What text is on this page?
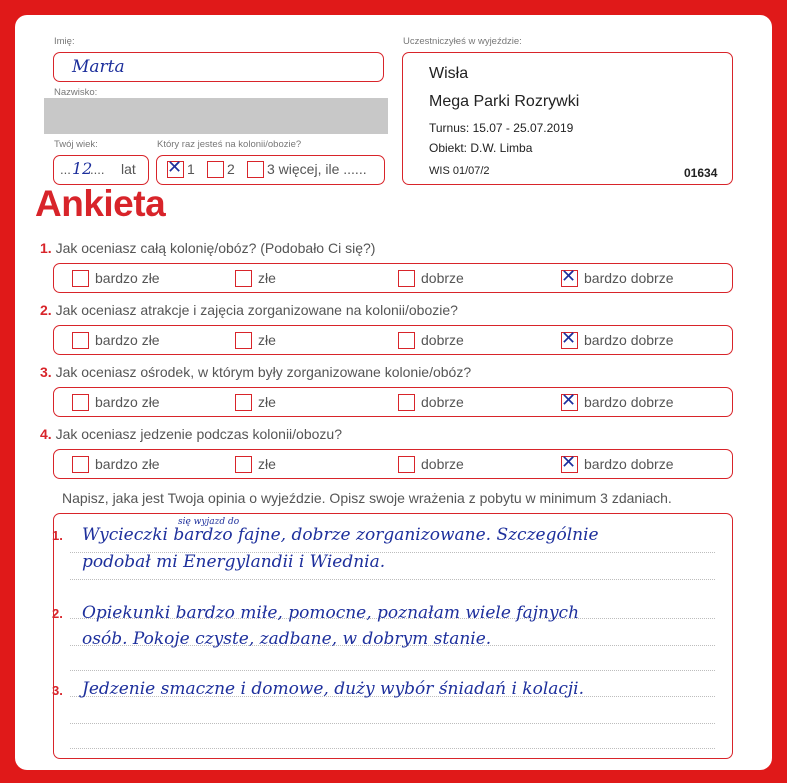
Imię:
Marta
Nazwisko:
Twój wiek:
... 12
.... lat
Który raz jesteś na kolonii/obozie?
✕ 1 2 3 więcej, ile ......
Uczestniczyłeś w wyjeździe:
Wisła
Mega Parki Rozrywki
Turnus: 15.07 - 25.07.2019
Obiekt: D.W. Limba
WIS 01/07/2	01634
Ankieta
1. Jak oceniasz całą kolonię/obóz? (Podobało Ci się?)
bardzo złe	złe	dobrze	✕ bardzo dobrze
2. Jak oceniasz atrakcje i zajęcia zorganizowane na kolonii/obozie?
bardzo złe	złe	dobrze	✕ bardzo dobrze
3. Jak oceniasz ośrodek, w którym były zorganizowane kolonie/obóz?
bardzo złe	złe	dobrze	✕ bardzo dobrze
4. Jak oceniasz jedzenie podczas kolonii/obozu?
bardzo złe	złe	dobrze	✕ bardzo dobrze
Napisz, jaka jest Twoja opinia o wyjeździe. Opisz swoje wrażenia z pobytu w minimum 3 zdaniach.
1.
się wyjazd do
Wycieczki bardzo fajne, dobrze zorganizowane. Szczególnie
podobał mi Energylandii i Wiednia.
2. Opiekunki bardzo miłe, pomocne, poznałam wiele fajnych
osób. Pokoje czyste, zadbane, w dobrym stanie.
3. Jedzenie smaczne i domowe, duży wybór śniadań i kolacji.
